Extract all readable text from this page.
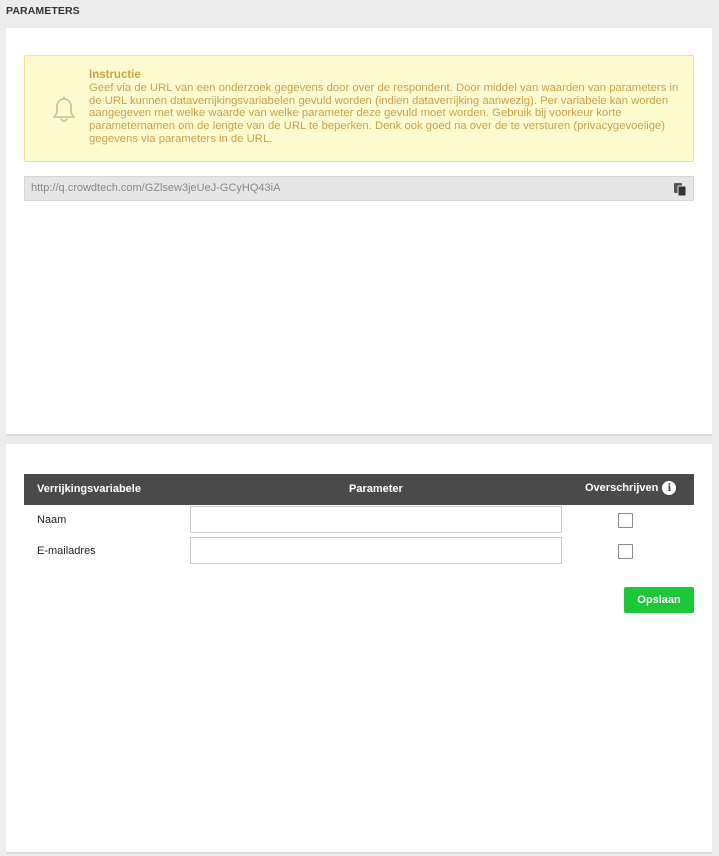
PARAMETERS
Instructie
Geef via de URL van een onderzoek gegevens door over de respondent. Door middel van waarden van parameters in de URL kunnen dataverrijkingsvariabelen gevuld worden (indien dataverrijking aanwezig). Per variabele kan worden aangegeven met welke waarde van welke parameter deze gevuld moet worden. Gebruik bij voorkeur korte parameternamen om de lengte van de URL te beperken. Denk ook goed na over de te versturen (privacygevoelige) gegevens via parameters in de URL.
http://q.crowdtech.com/GZlsew3jeUeJ-GCyHQ43iA
Verrijkingsvariabele	Parameter	Overschrijven i
Naam
E-mailadres
Opslaan
